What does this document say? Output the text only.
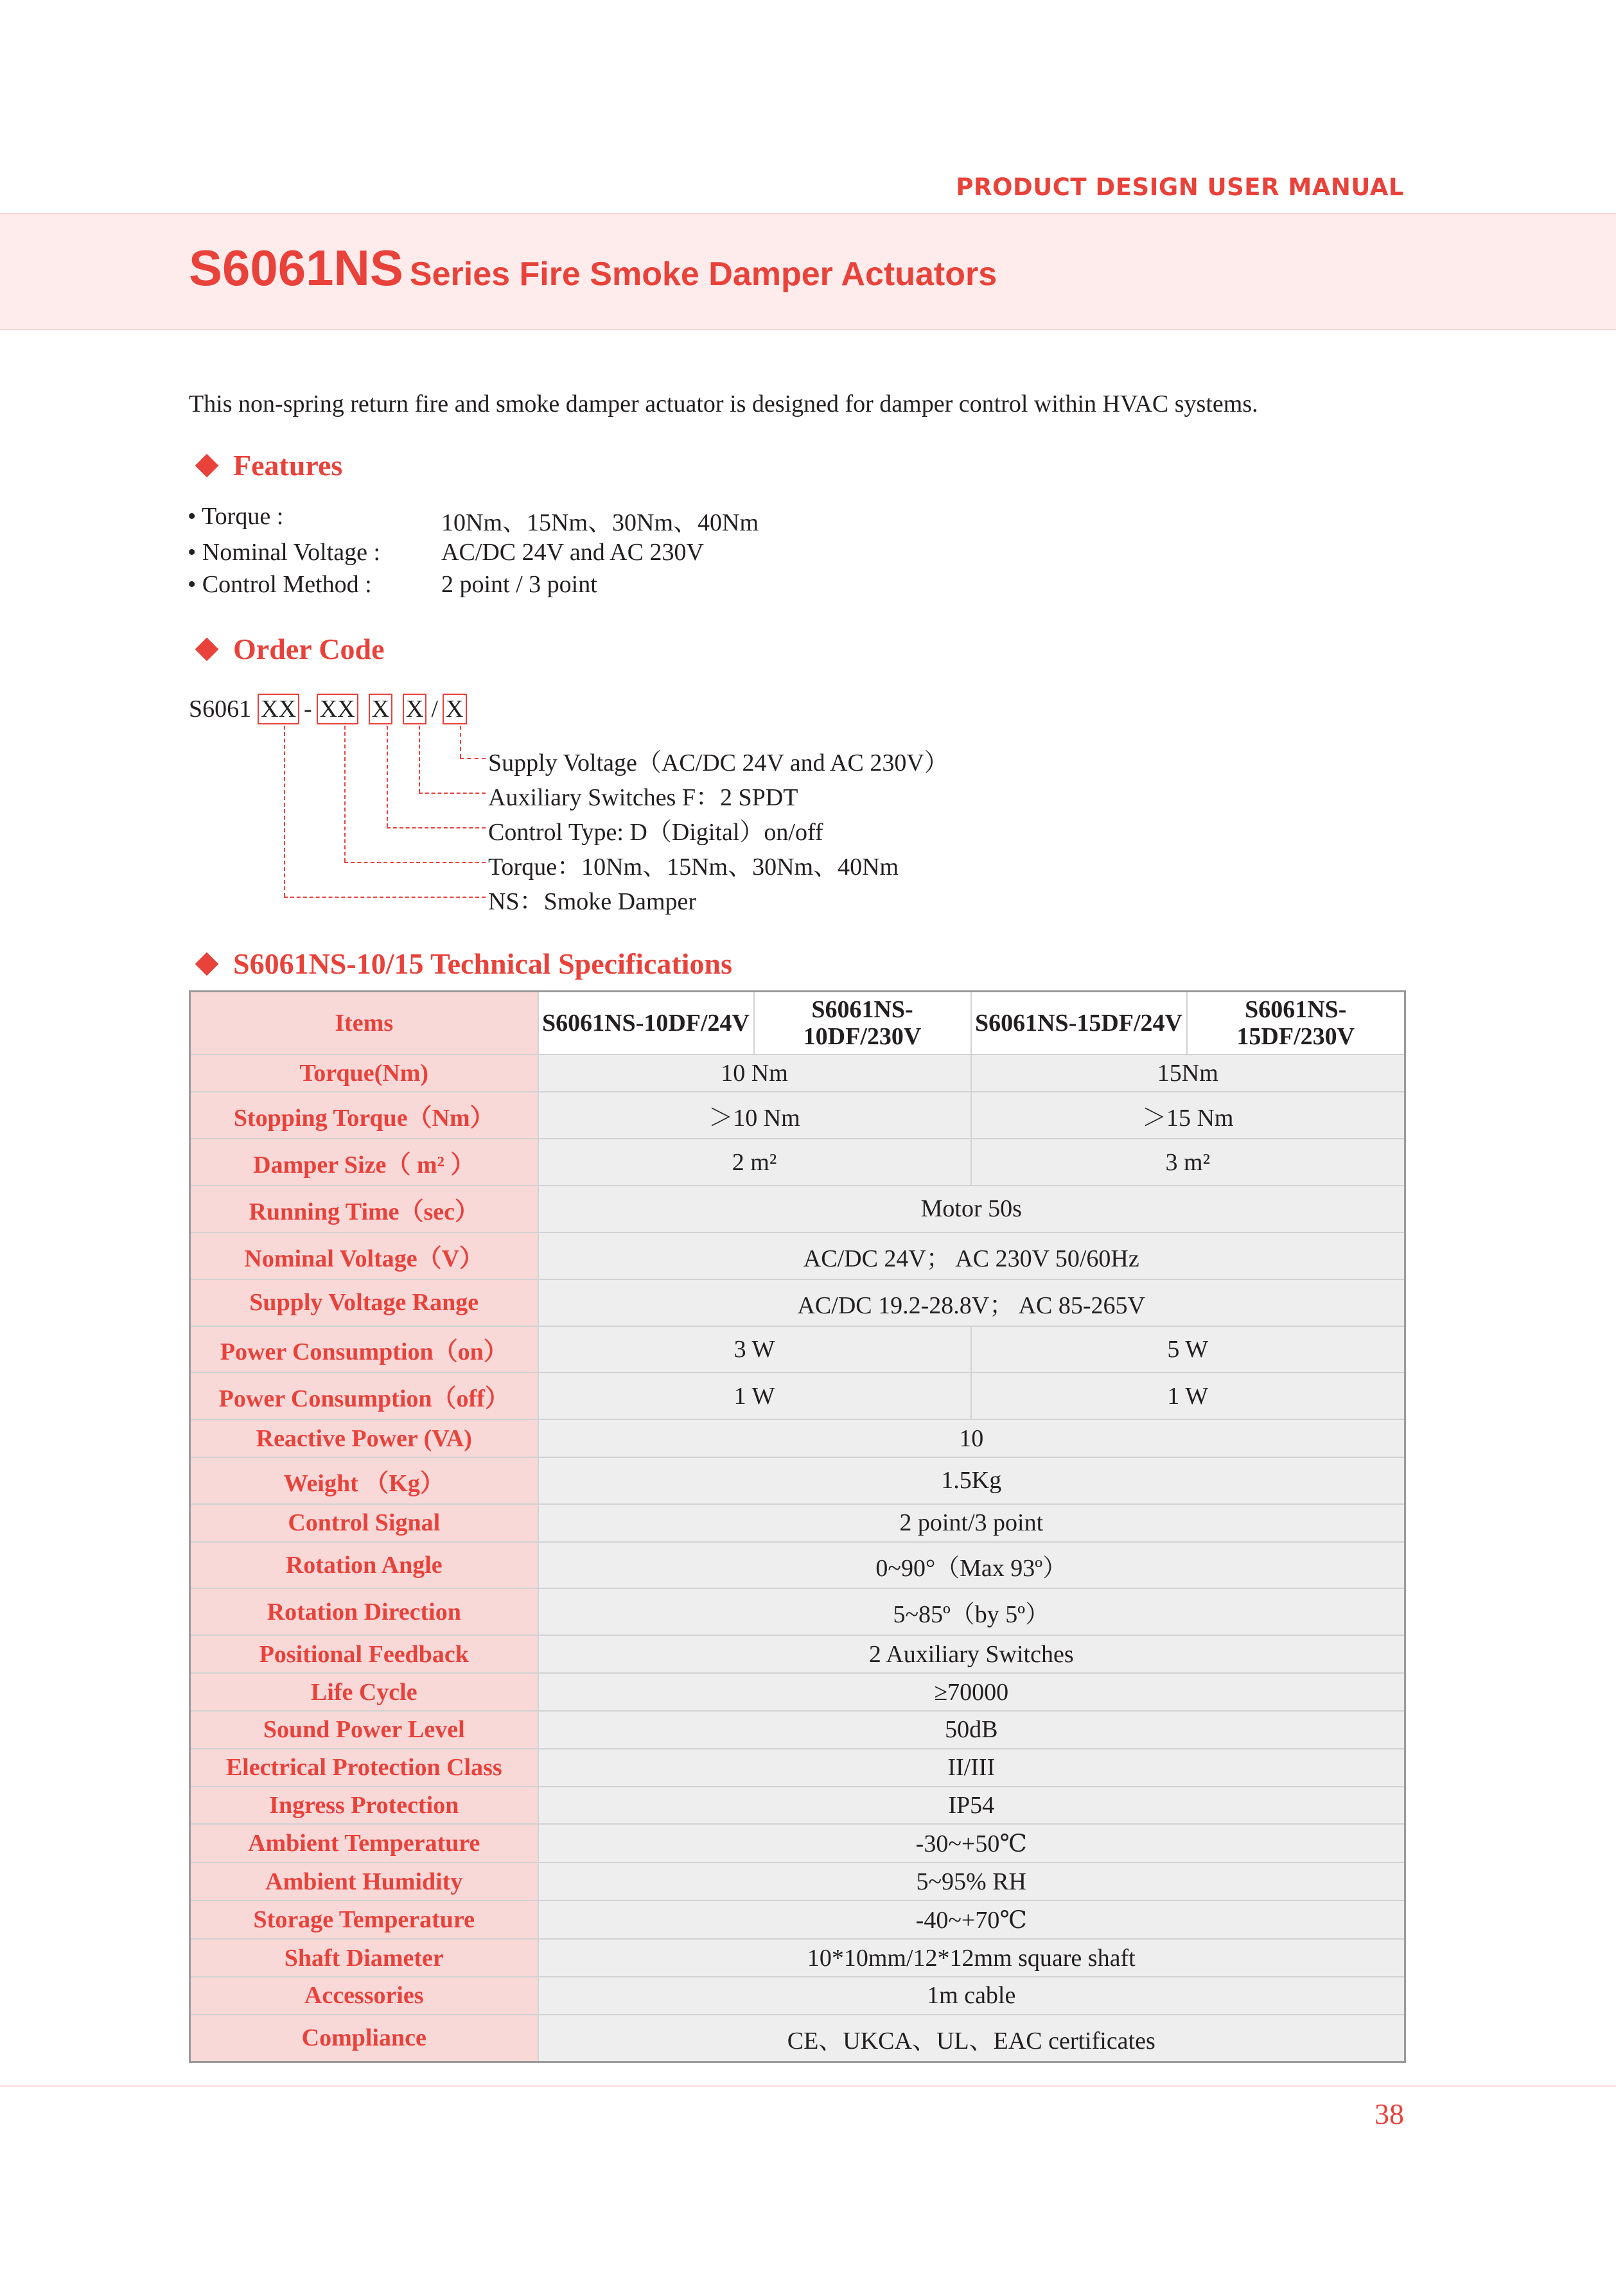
PRODUCT DESIGN USER MANUAL
S6061NS Series Fire Smoke Damper Actuators
This non-spring return fire and smoke damper actuator is designed for damper control within HVAC systems.
Features
• Torque :	10Nm、15Nm、30Nm、40Nm
• Nominal Voltage : AC/DC 24V and AC 230V
• Control Method :	2 point / 3 point
Order Code
S6061 XX - XX X X / X
Supply Voltage（AC/DC 24V and AC 230V）
Auxiliary Switches F：2 SPDT
Control Type: D（Digital）on/off
Torque：10Nm、15Nm、30Nm、40Nm
NS：Smoke Damper
S6061NS-10/15 Technical Specifications
Items	S6061NS-10DF/24V	S6061NS-10DF/230V	S6061NS-15DF/24V	S6061NS-15DF/230V
Torque(Nm)	10 Nm		15Nm	
Stopping Torque（Nm）	＞10 Nm		＞15 Nm	
Damper Size（ m² ）	2 m²		3 m²	
Running Time（sec）	Motor 50s			
Nominal Voltage（V）	AC/DC 24V； AC 230V 50/60Hz			
Supply Voltage Range	AC/DC 19.2-28.8V； AC 85-265V			
Power Consumption（on）	3 W		5 W	
Power Consumption（off）	1 W		1 W	
Reactive Power (VA)	10			
Weight （Kg）	1.5Kg			
Control Signal	2 point/3 point			
Rotation Angle	0~90°（Max 93º）			
Rotation Direction	5~85º（by 5º）			
Positional Feedback	2 Auxiliary Switches			
Life Cycle	≥70000			
Sound Power Level	50dB			
Electrical Protection Class	II/III			
Ingress Protection	IP54			
Ambient Temperature	-30~+50℃			
Ambient Humidity	5~95% RH			
Storage Temperature	-40~+70℃			
Shaft Diameter	10*10mm/12*12mm square shaft			
Accessories	1m cable			
Compliance	CE、UKCA、UL、EAC certificates			
38
